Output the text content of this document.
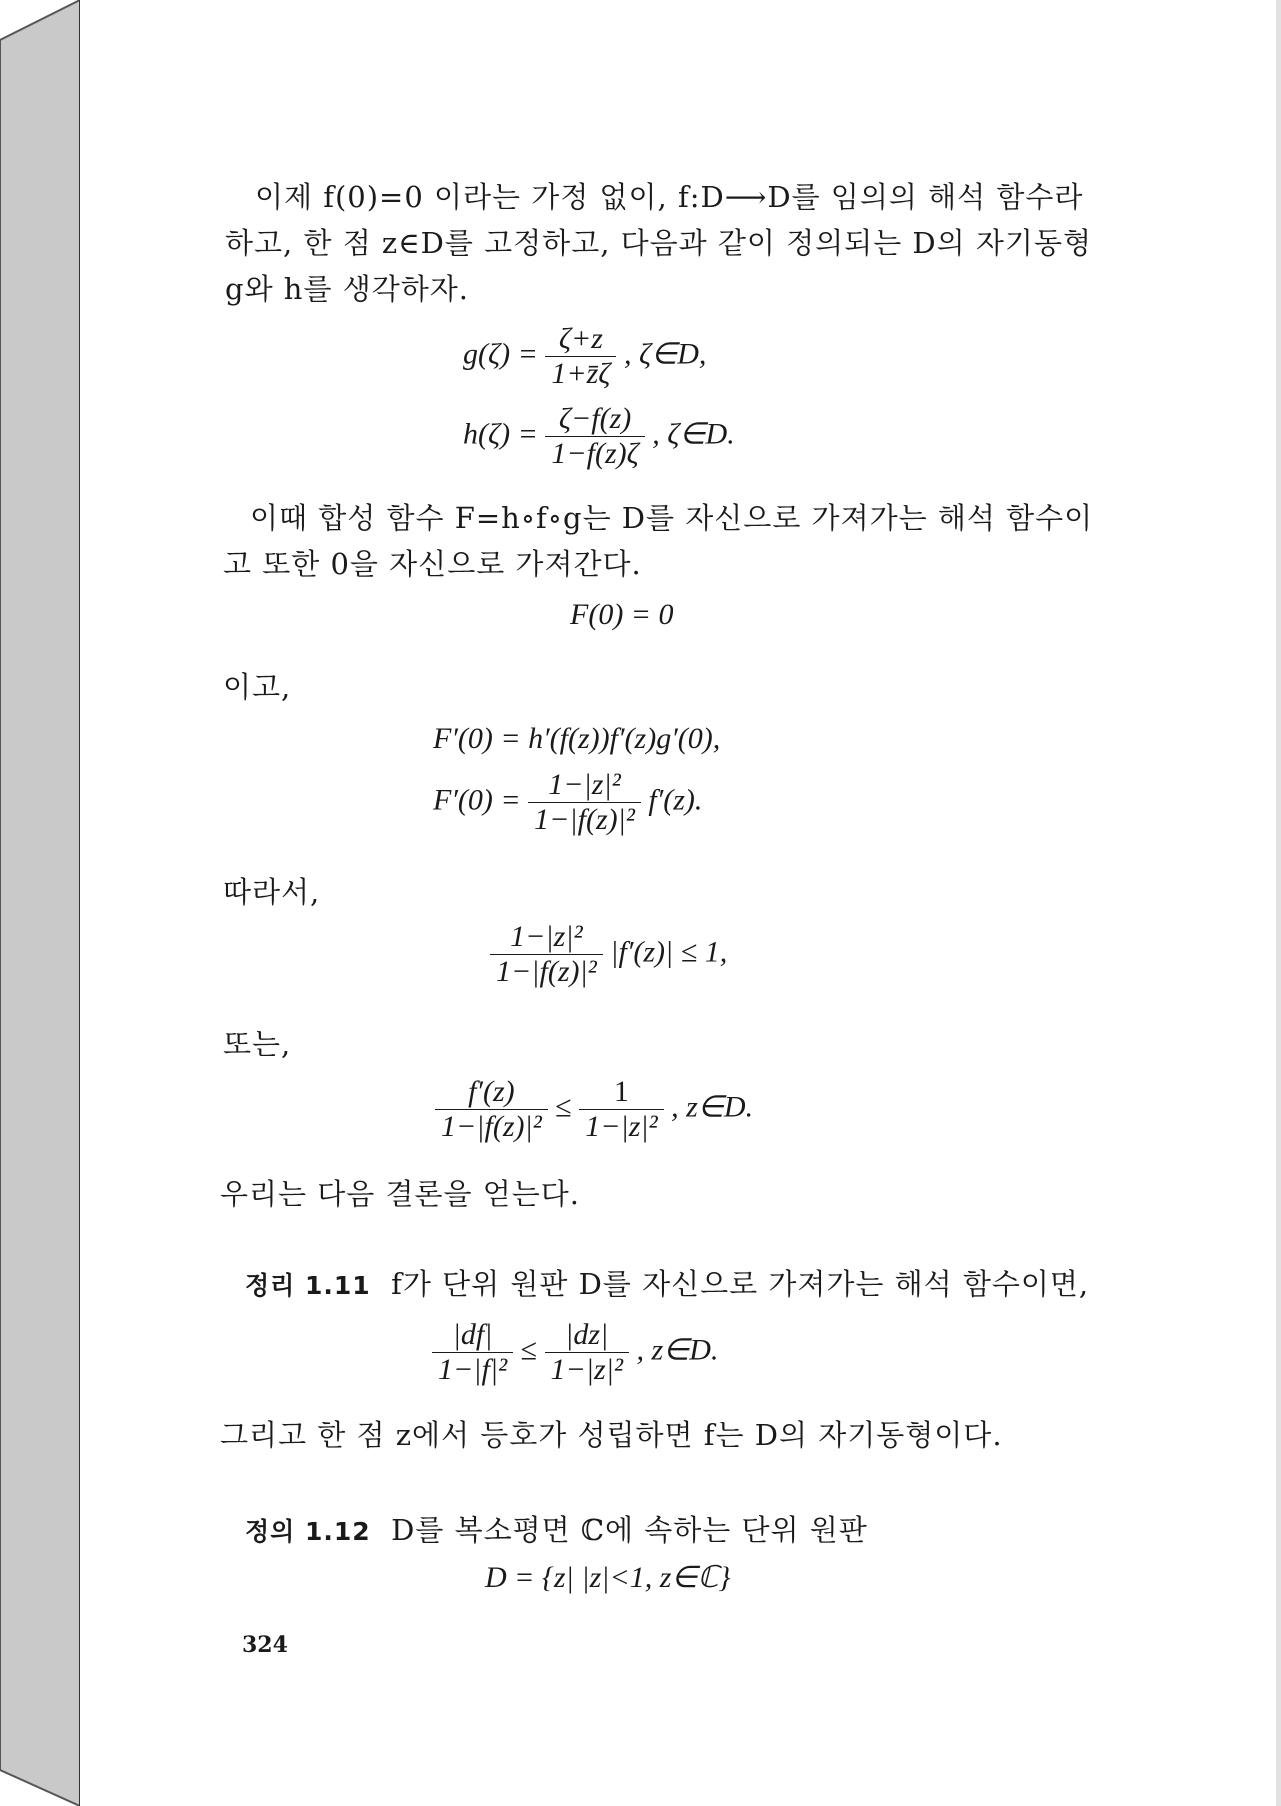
이제 f(0)=0 이라는 가정 없이, f:D⟶D를 임의의 해석 함수라
하고, 한 점 z∈D를 고정하고, 다음과 같이 정의되는 D의 자기동형
g와 h를 생각하자.
$g(\zeta) = \frac{\zeta+z}{1+z̄\zeta}$ , ζ∈D,
$h(\zeta) = \frac{\zeta-f(z)}{1-f(z)\zeta}$ , ζ∈D.
이때 합성 함수 F=h∘f∘g는 D를 자신으로 가져가는 해석 함수이
고 또한 0을 자신으로 가져간다.
F(0) = 0
이고,
F′(0) = h′(f(z))f′(z)g′(0),
$F'(0) = \frac{\text{1−|z|²}}{\text{1−|f(z)|²}} f'(z)$.
따라서,
$\frac{\text{1−|z|²}}{\text{1−|f(z)|²}} |f'(z)| \le 1$,
또는,
$\frac{f'(z)}{\text{1−|f(z)|²}} \le \frac{1}{\text{1−|z|²}}$ , z∈D.
우리는 다음 결론을 얻는다.
정리 1.11 f가 단위 원판 D를 자신으로 가져가는 해석 함수이면,
$\frac{|df|}{\text{1−|f|²}} \le \frac{|dz|}{\text{1−|z|²}}$ , z∈D.
그리고 한 점 z에서 등호가 성립하면 f는 D의 자기동형이다.
정의 1.12 D를 복소평면 ℂ에 속하는 단위 원판
D = {z| |z|<1, z∈ℂ}
324
